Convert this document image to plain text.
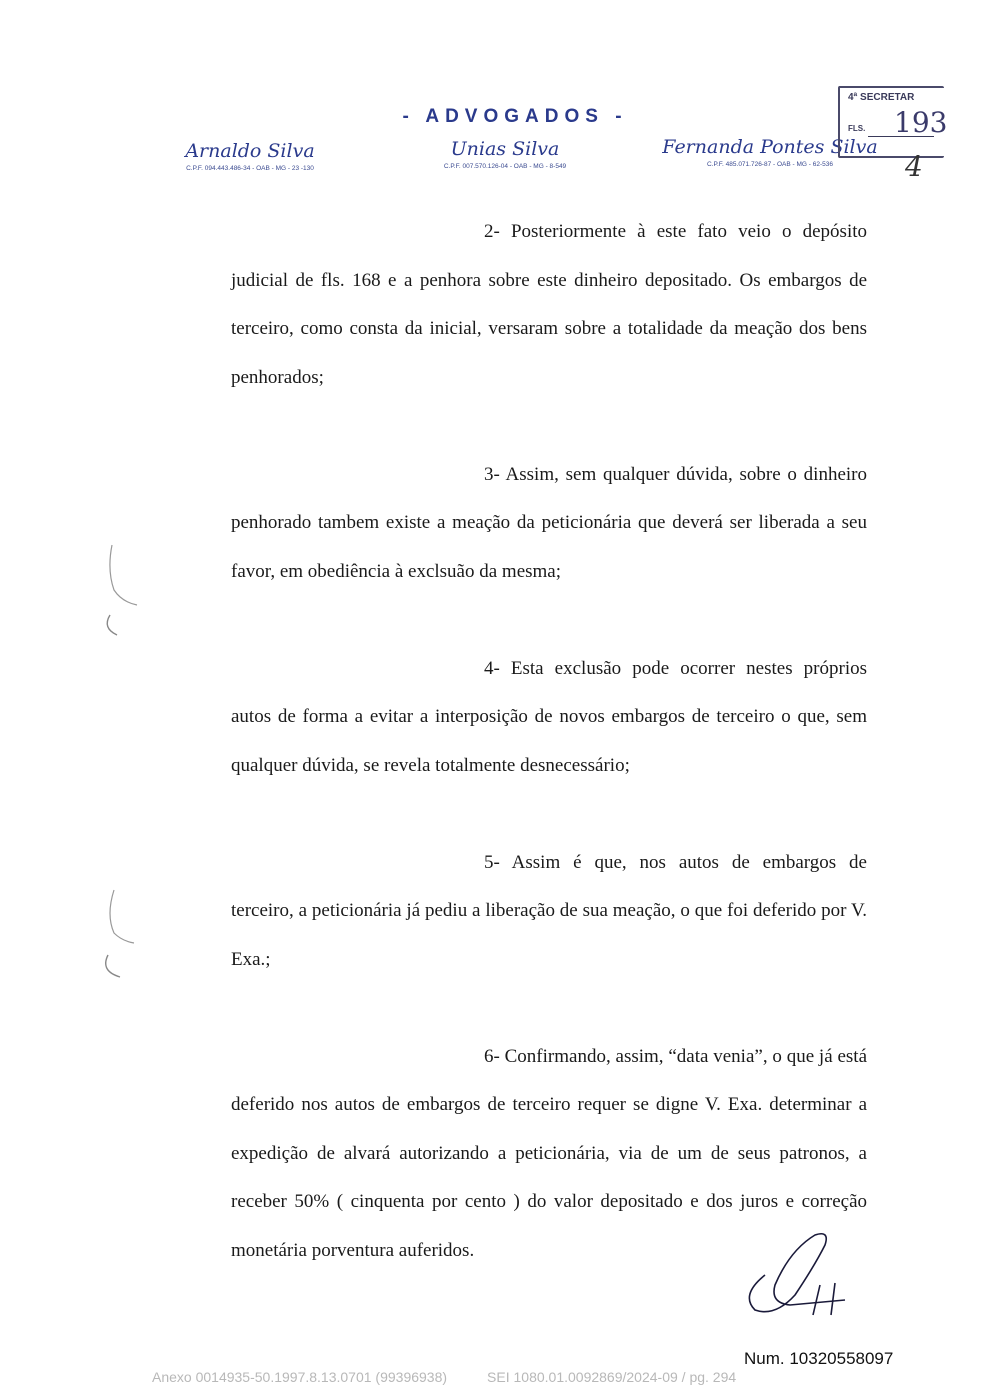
- ADVOGADOS -
Arnaldo Silva
C.P.F. 094.443.486-34 - OAB - MG - 23 -130
Unias Silva
C.P.F. 007.570.126-04 - OAB - MG - 8-549
Fernanda Pontes Silva
C.P.F. 485.071.726-87 - OAB - MG - 62-536
4ª SECRETAR
FLS. 193
4

2- Posteriormente à este fato veio o depósito judicial de fls. 168 e a penhora sobre este dinheiro depositado. Os embargos de terceiro, como consta da inicial, versaram sobre a totalidade da meação dos bens penhorados;

3- Assim, sem qualquer dúvida, sobre o dinheiro penhorado tambem existe a meação da peticionária que deverá ser liberada a seu favor, em obediência à exclsuão da mesma;

4- Esta exclusão pode ocorrer nestes próprios autos de forma a evitar a interposição de novos embargos de terceiro o que, sem qualquer dúvida, se revela totalmente desnecessário;

5- Assim é que, nos autos de embargos de terceiro, a peticionária já pediu a liberação de sua meação, o que foi deferido por V. Exa.;

6- Confirmando, assim, “data venia”, o que já está deferido nos autos de embargos de terceiro requer se digne V. Exa. determinar a expedição de alvará autorizando a peticionária, via de um de seus patronos, a receber 50% ( cinquenta por cento ) do valor depositado e dos juros e correção monetária porventura auferidos.

Num. 10320558097
Anexo 0014935-50.1997.8.13.0701 (99396938)	SEI 1080.01.0092869/2024-09 / pg. 294
